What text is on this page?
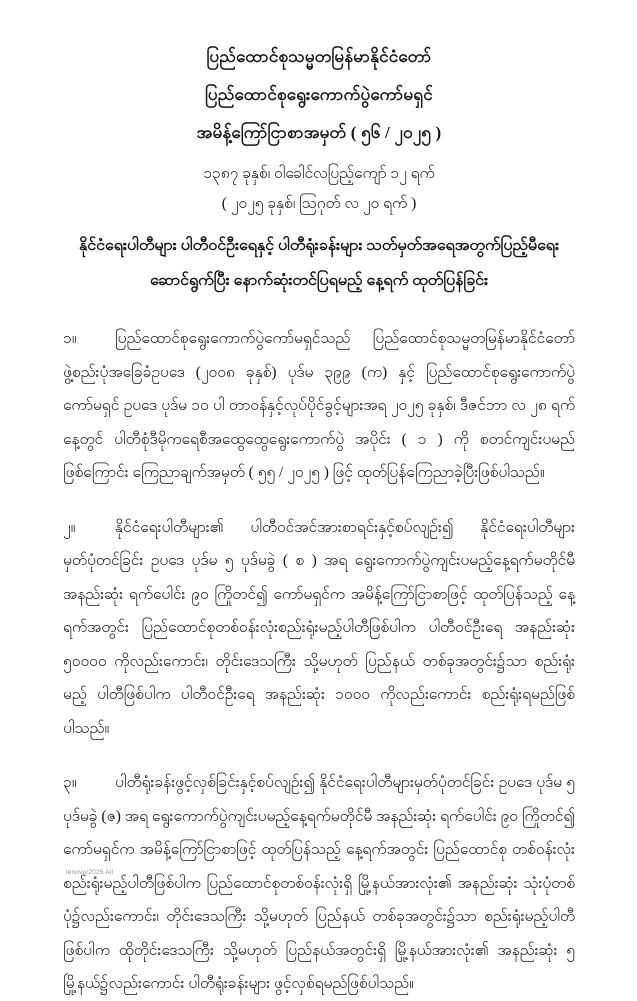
ပြည်ထောင်စုသမ္မတမြန်မာနိုင်ငံတော်
ပြည်ထောင်စုရွေးကောက်ပွဲကော်မရှင်
အမိန့်ကြော်ငြာစာအမှတ် ( ၅၆ / ၂၀၂၅ )
၁၃၈၇ ခုနှစ်၊ ဝါခေါင်လပြည့်ကျော် ၁၂ ရက်
( ၂၀၂၅ ခုနှစ်၊ သြဂုတ် လ ၂၀ ရက် )
နိုင်ငံရေးပါတီများ ပါတီဝင်ဦးရေနှင့် ပါတီရုံးခန်းများ သတ်မှတ်အရေအတွက်ပြည့်မီရေး
ဆောင်ရွက်ပြီး နောက်ဆုံးတင်ပြရမည့် နေ့ရက် ထုတ်ပြန်ခြင်း

၁။ ပြည်ထောင်စုရွေးကောက်ပွဲကော်မရှင်သည် ပြည်ထောင်စုသမ္မတမြန်မာနိုင်ငံတော် ဖွဲ့စည်းပုံအခြေခံဥပဒေ (၂၀၀၈ ခုနှစ်) ပုဒ်မ ၃၉၉ (က) နှင့် ပြည်ထောင်စုရွေးကောက်ပွဲ ကော်မရှင် ဥပဒေ ပုဒ်မ ၁၀ ပါ တာဝန်နှင့်လုပ်ပိုင်ခွင့်များအရ ၂၀၂၅ ခုနှစ်၊ ဒီဇင်ဘာ လ ၂၈ ရက်နေ့တွင် ပါတီစုံဒီမိုကရေစီအထွေထွေရွေးကောက်ပွဲ အပိုင်း ( ၁ ) ကို စတင်ကျင်းပမည် ဖြစ်ကြောင်း ကြေညာချက်အမှတ် ( ၅၅ / ၂၀၂၅ ) ဖြင့် ထုတ်ပြန်ကြေညာခဲ့ပြီးဖြစ်ပါသည်။

၂။	နိုင်ငံရေးပါတီများ၏ ပါတီဝင်အင်အားစာရင်းနှင့်စပ်လျဉ်း၍ နိုင်ငံရေးပါတီများ မှတ်ပုံတင်ခြင်း ဥပဒေ ပုဒ်မ ၅ ပုဒ်မခွဲ ( စ ) အရ ရွေးကောက်ပွဲကျင်းပမည့်နေ့ရက်မတိုင်မီ အနည်းဆုံး ရက်ပေါင်း ၉၀ ကြိုတင်၍ ကော်မရှင်က အမိန့်ကြော်ငြာစာဖြင့် ထုတ်ပြန်သည့် နေ့ရက်အတွင်း ပြည်ထောင်စုတစ်ဝန်းလုံးစည်းရုံးမည့်ပါတီဖြစ်ပါက ပါတီဝင်ဦးရေ အနည်းဆုံး ၅၀၀၀၀ ကိုလည်းကောင်း၊ တိုင်းဒေသကြီး သို့မဟုတ် ပြည်နယ် တစ်ခုအတွင်း၌သာ စည်းရုံးမည့် ပါတီဖြစ်ပါက ပါတီဝင်ဦးရေ အနည်းဆုံး ၁၀၀၀ ကိုလည်းကောင်း စည်းရုံးရမည်ဖြစ်ပါသည်။

၃။ ပါတီရုံးခန်းဖွင့်လှစ်ခြင်းနှင့်စပ်လျဉ်း၍ နိုင်ငံရေးပါတီများမှတ်ပုံတင်ခြင်း ဥပဒေ ပုဒ်မ ၅ ပုဒ်မခွဲ (ဇ) အရ ရွေးကောက်ပွဲကျင်းပမည့်နေ့ရက်မတိုင်မီ အနည်းဆုံး ရက်ပေါင်း ၉၀ ကြိုတင်၍ ကော်မရှင်က အမိန့်ကြော်ငြာစာဖြင့် ထုတ်ပြန်သည့် နေ့ရက်အတွင်း ပြည်ထောင်စု တစ်ဝန်းလုံး စည်းရုံးမည့်ပါတီဖြစ်ပါက ပြည်ထောင်စုတစ်ဝန်းလုံးရှိ မြို့နယ်အားလုံး၏ အနည်းဆုံး သုံးပုံတစ်ပုံ၌လည်းကောင်း၊ တိုင်းဒေသကြီး သို့မဟုတ် ပြည်နယ် တစ်ခုအတွင်း၌သာ စည်းရုံးမည့်ပါတီဖြစ်ပါက ထိုတိုင်းဒေသကြီး သို့မဟုတ် ပြည်နယ်အတွင်းရှိ မြို့နယ်အားလုံး၏ အနည်းဆုံး ၅ မြို့နယ်၌လည်းကောင်း ပါတီရုံးခန်းများ ဖွင့်လှစ်ရမည်ဖြစ်ပါသည်။

lenovo/2025 All
